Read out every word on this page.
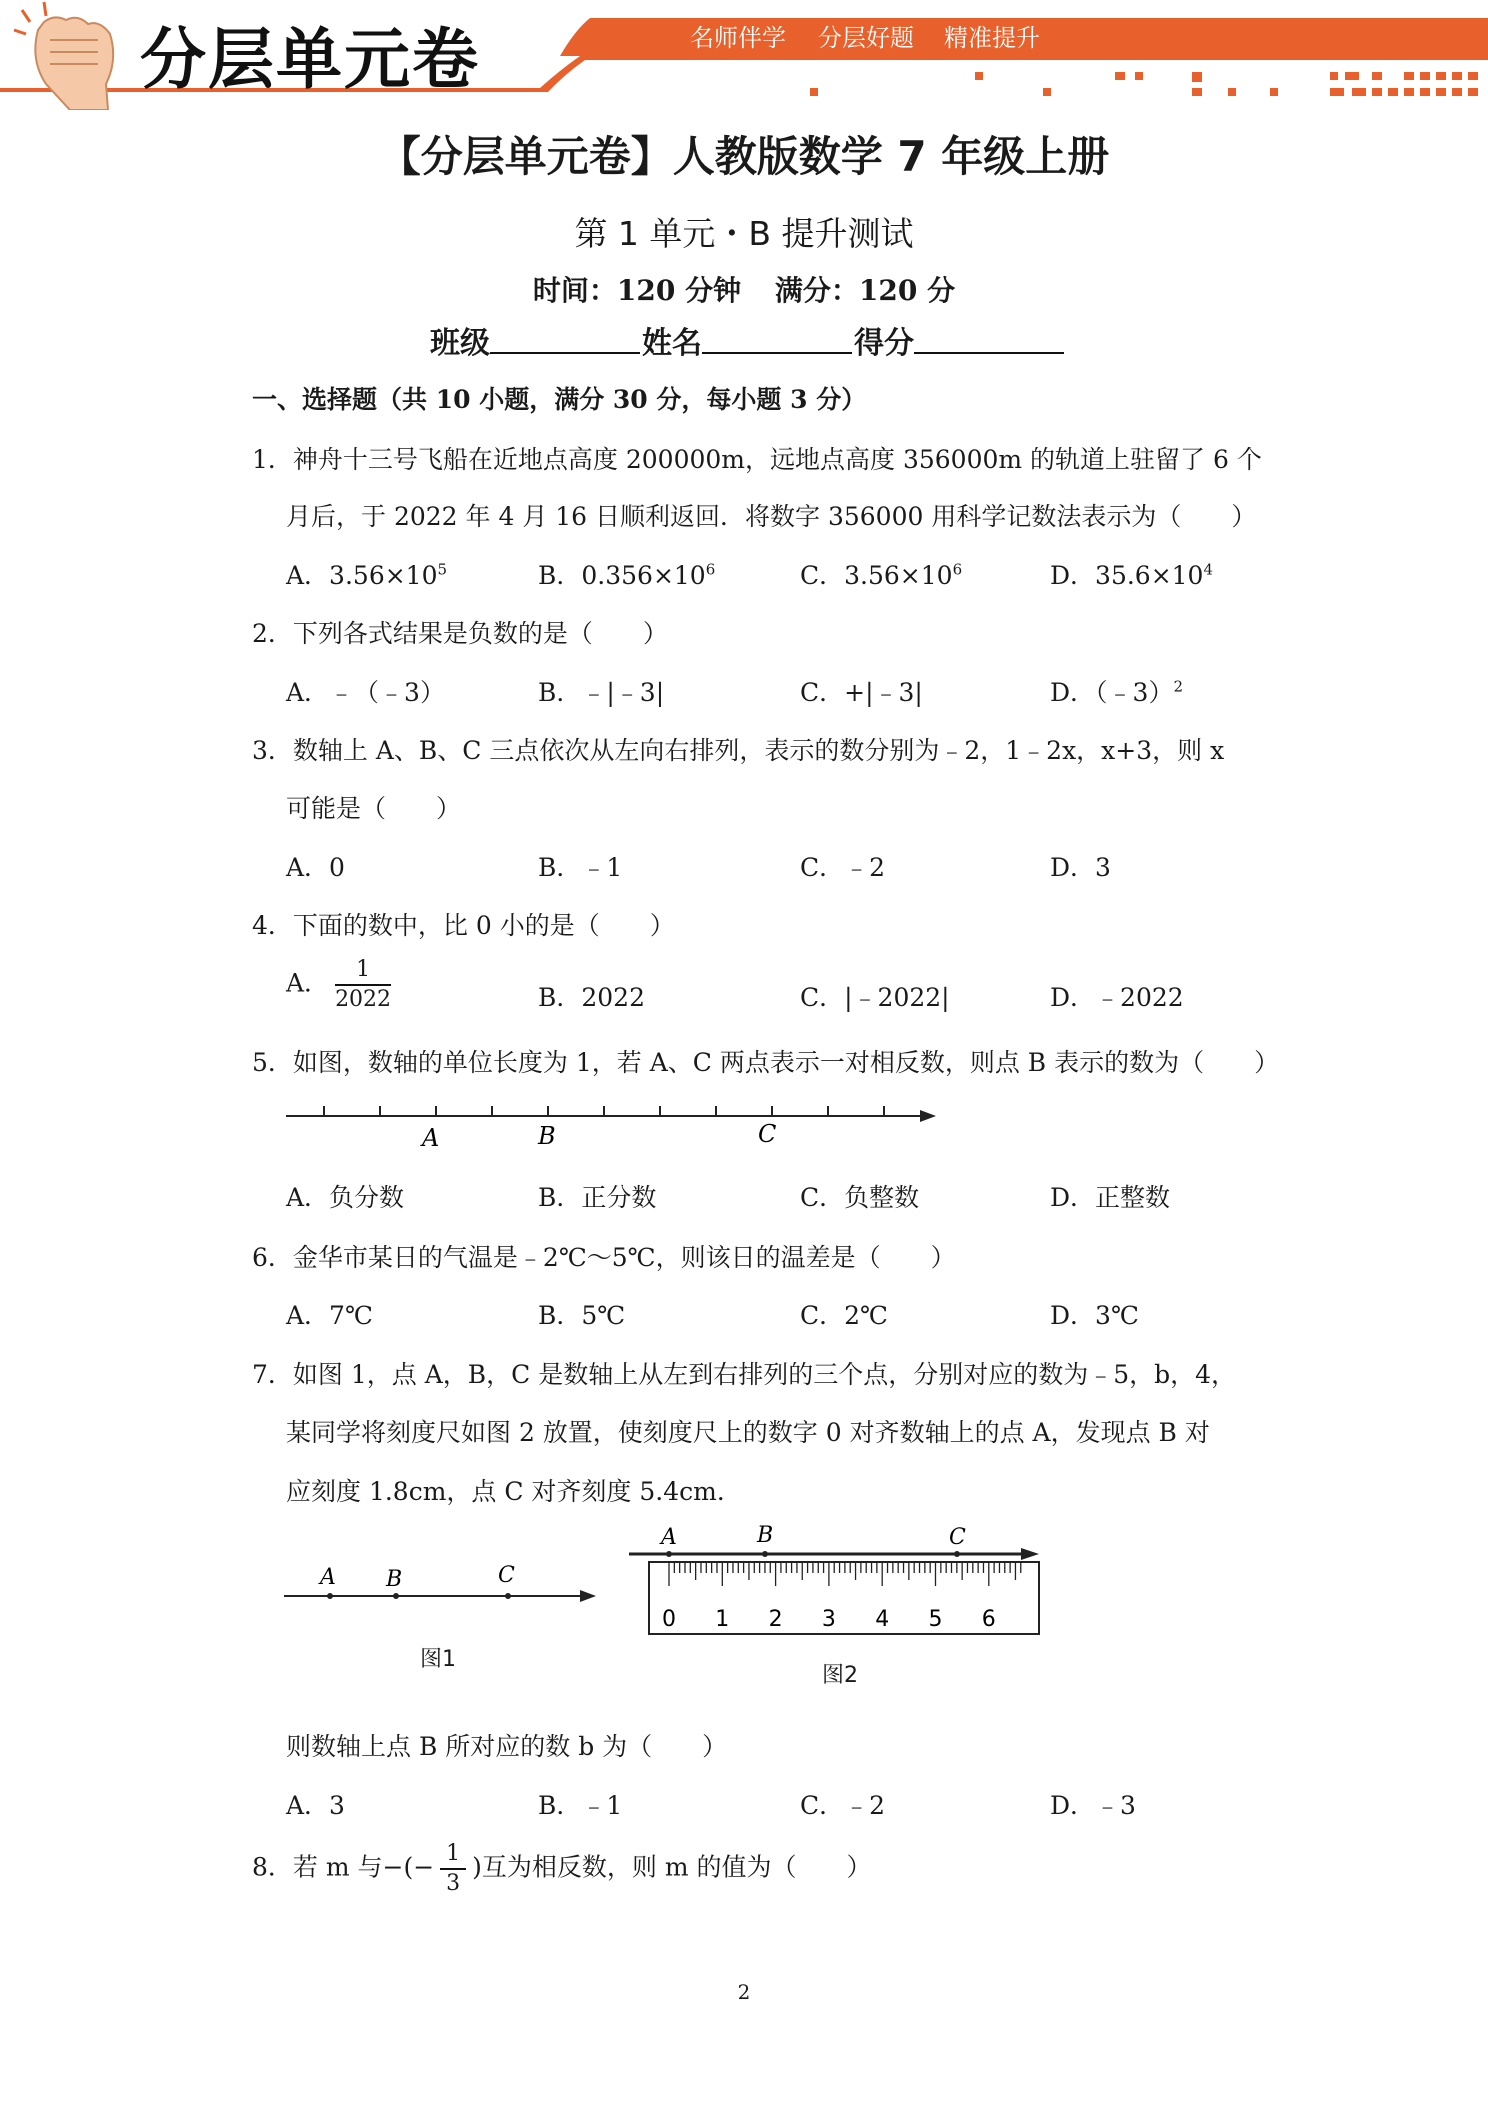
分层单元卷	名师伴学 分层好题 精准提升
【分层单元卷】人教版数学 7 年级上册
第 1 单元・B 提升测试
时间：120 分钟 满分：120 分
班级	姓名	得分
一、选择题（共 10 小题，满分 30 分，每小题 3 分）
1．神舟十三号飞船在近地点高度 200000m，远地点高度 356000m 的轨道上驻留了 6 个
月后，于 2022 年 4 月 16 日顺利返回．将数字 356000 用科学记数法表示为（　　）
A．$3.56\times 10^5$	B．$0.356\times 10^6$	C．$3.56\times 10^6$	D．$35.6\times 10^4$
2．下列各式结果是负数的是（　　）
A．﹣（﹣3）	B．﹣|﹣3|	C．+|﹣3|	D．（﹣3）$^2$
3．数轴上 A、B、C 三点依次从左向右排列，表示的数分别为﹣2，1﹣2x，x+3，则 x
可能是（　　）
A．0	B．﹣1	C．﹣2	D．3
4．下面的数中，比 0 小的是（　　）
A． $\frac{1}{2022}$	B．2022	C．|﹣2022|	D．﹣2022
5．如图，数轴的单位长度为 1，若 A、C 两点表示一对相反数，则点 B 表示的数为（　　）
A	B	C
A．负分数	B．正分数	C．负整数	D．正整数
6．金华市某日的气温是﹣2℃～5℃，则该日的温差是（　　）
A．7℃	B．5℃	C．2℃	D．3℃
7．如图 1，点 A，B，C 是数轴上从左到右排列的三个点，分别对应的数为﹣5，b，4，
某同学将刻度尺如图 2 放置，使刻度尺上的数字 0 对齐数轴上的点 A，发现点 B 对
应刻度 1.8cm，点 C 对齐刻度 5.4cm．
A B	C
图1
A	B	C
0 1 2 3 4 5 6
图2
则数轴上点 B 所对应的数 b 为（　　）
A．3	B．﹣1	C．﹣2	D．﹣3
8．若 m 与−(− $\frac{1}{3}$ )互为相反数，则 m 的值为（　　）
2
